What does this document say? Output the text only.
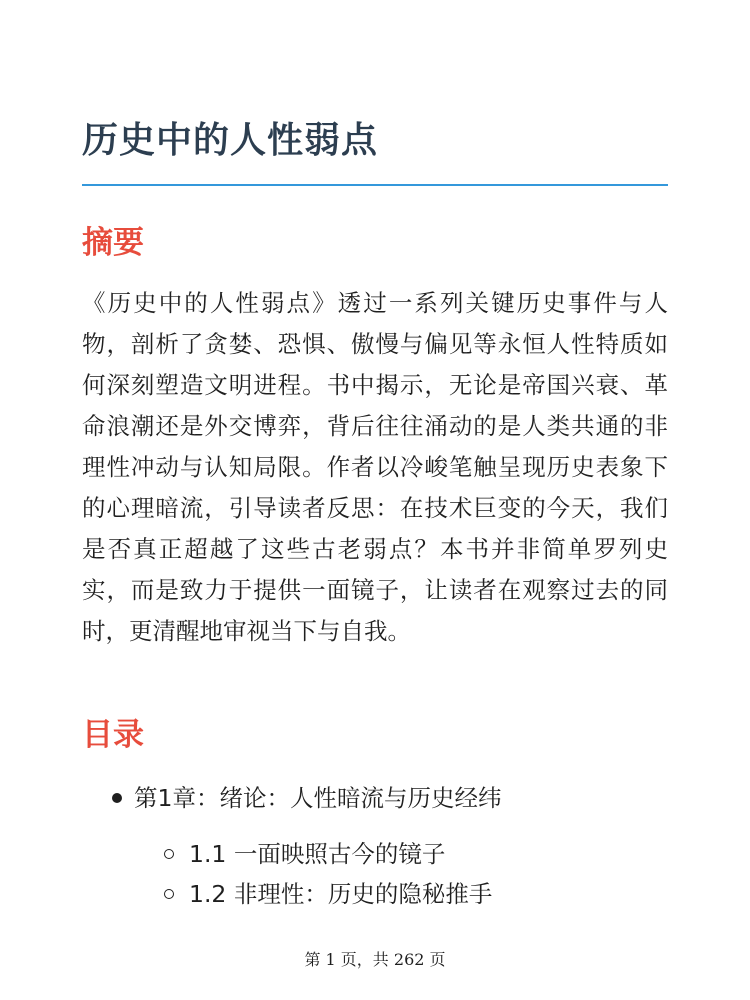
历史中的人性弱点
摘要

《历史中的人性弱点》透过一系列关键历史事件与人物，剖析了贪婪、恐惧、傲慢与偏见等永恒人性特质如何深刻塑造文明进程。书中揭示，无论是帝国兴衰、革命浪潮还是外交博弈，背后往往涌动的是人类共通的非理性冲动与认知局限。作者以冷峻笔触呈现历史表象下的心理暗流，引导读者反思：在技术巨变的今天，我们是否真正超越了这些古老弱点？本书并非简单罗列史实，而是致力于提供一面镜子，让读者在观察过去的同时，更清醒地审视当下与自我。

目录
第1章：绪论：人性暗流与历史经纬
1.1 一面映照古今的镜子
1.2 非理性：历史的隐秘推手
第 1 页，共 262 页
